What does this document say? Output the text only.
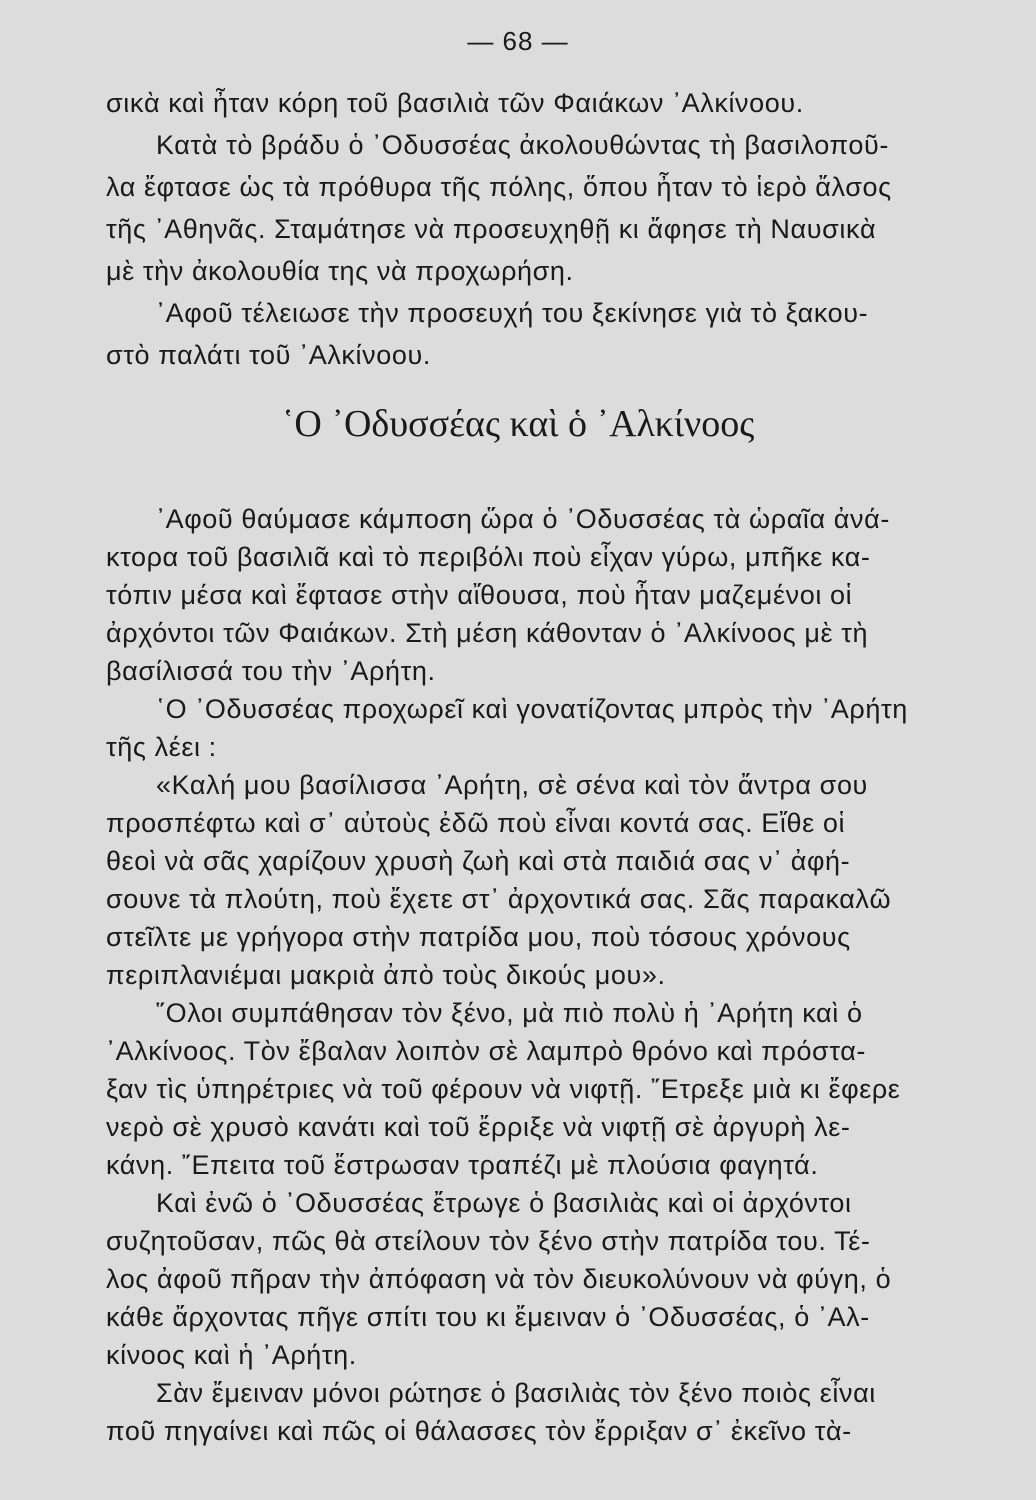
— 68 —
σικὰ καὶ ἦταν κόρη τοῦ βασιλιὰ τῶν Φαιάκων ᾿Αλκίνοου.
Κατὰ τὸ βράδυ ὁ ᾿Οδυσσέας ἀκολουθώντας τὴ βασιλοποῦ-
λα ἔφτασε ὡς τὰ πρόθυρα τῆς πόλης, ὅπου ἦταν τὸ ἱερὸ ἄλσος
τῆς ᾿Αθηνᾶς. Σταμάτησε νὰ προσευχηθῇ κι ἄφησε τὴ Ναυσικὰ
μὲ τὴν ἀκολουθία της νὰ προχωρήση.
᾿Αφοῦ τέλειωσε τὴν προσευχή του ξεκίνησε γιὰ τὸ ξακου-
στὸ παλάτι τοῦ ᾿Αλκίνοου.
῾Ο ᾿Οδυσσέας καὶ ὁ ᾿Αλκίνοος
᾿Αφοῦ θαύμασε κάμποση ὥρα ὁ ᾿Οδυσσέας τὰ ὡραῖα ἀνά-
κτορα τοῦ βασιλιᾶ καὶ τὸ περιβόλι ποὺ εἶχαν γύρω, μπῆκε κα-
τόπιν μέσα καὶ ἔφτασε στὴν αἴθουσα, ποὺ ἦταν μαζεμένοι οἱ
ἀρχόντοι τῶν Φαιάκων. Στὴ μέση κάθονταν ὁ ᾿Αλκίνοος μὲ τὴ
βασίλισσά του τὴν ᾿Αρήτη.
῾Ο ᾿Οδυσσέας προχωρεῖ καὶ γονατίζοντας μπρὸς τὴν ᾿Αρήτη
τῆς λέει :
«Καλή μου βασίλισσα ᾿Αρήτη, σὲ σένα καὶ τὸν ἄντρα σου
προσπέφτω καὶ σ᾿ αὐτοὺς ἐδῶ ποὺ εἶναι κοντά σας. Εἴθε οἱ
θεοὶ νὰ σᾶς χαρίζουν χρυσὴ ζωὴ καὶ στὰ παιδιά σας ν᾿ ἀφή-
σουνε τὰ πλούτη, ποὺ ἔχετε στ᾿ ἀρχοντικά σας. Σᾶς παρακαλῶ
στεῖλτε με γρήγορα στὴν πατρίδα μου, ποὺ τόσους χρόνους
περιπλανιέμαι μακριὰ ἀπὸ τοὺς δικούς μου».
῞Ολοι συμπάθησαν τὸν ξένο, μὰ πιὸ πολὺ ἡ ᾿Αρήτη καὶ ὁ
᾿Αλκίνοος. Τὸν ἔβαλαν λοιπὸν σὲ λαμπρὸ θρόνο καὶ πρόστα-
ξαν τὶς ὑπηρέτριες νὰ τοῦ φέρουν νὰ νιφτῇ. ῎Ετρεξε μιὰ κι ἔφερε
νερὸ σὲ χρυσὸ κανάτι καὶ τοῦ ἔρριξε νὰ νιφτῇ σὲ ἀργυρὴ λε-
κάνη. ῎Επειτα τοῦ ἔστρωσαν τραπέζι μὲ πλούσια φαγητά.
Καὶ ἐνῶ ὁ ᾿Οδυσσέας ἔτρωγε ὁ βασιλιὰς καὶ οἱ ἀρχόντοι
συζητοῦσαν, πῶς θὰ στείλουν τὸν ξένο στὴν πατρίδα του. Τέ-
λος ἀφοῦ πῆραν τὴν ἀπόφαση νὰ τὸν διευκολύνουν νὰ φύγη, ὁ
κάθε ἄρχοντας πῆγε σπίτι του κι ἔμειναν ὁ ᾿Οδυσσέας, ὁ ᾿Αλ-
κίνοος καὶ ἡ ᾿Αρήτη.
Σὰν ἔμειναν μόνοι ρώτησε ὁ βασιλιὰς τὸν ξένο ποιὸς εἶναι
ποῦ πηγαίνει καὶ πῶς οἱ θάλασσες τὸν ἔρριξαν σ᾿ ἐκεῖνο τὰ-
